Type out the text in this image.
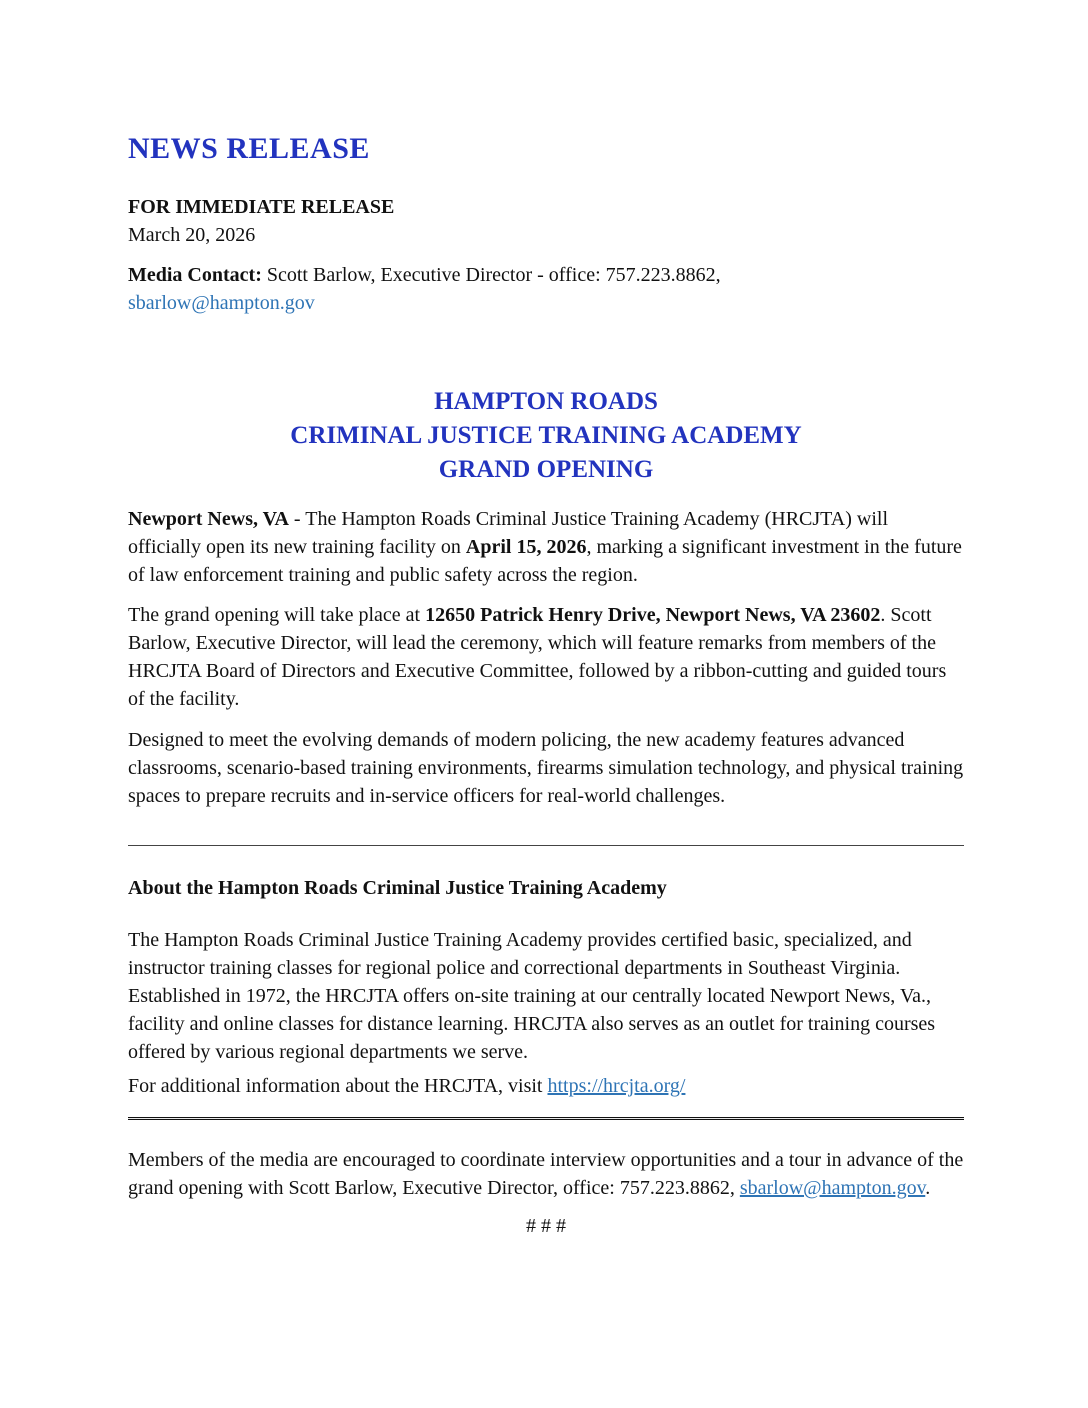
NEWS RELEASE
FOR IMMEDIATE RELEASE
March 20, 2026
Media Contact: Scott Barlow, Executive Director - office: 757.223.8862,
sbarlow@hampton.gov
HAMPTON ROADS
CRIMINAL JUSTICE TRAINING ACADEMY
GRAND OPENING

Newport News, VA - The Hampton Roads Criminal Justice Training Academy (HRCJTA) will officially open its new training facility on April 15, 2026, marking a significant investment in the future of law enforcement training and public safety across the region.

The grand opening will take place at 12650 Patrick Henry Drive, Newport News, VA 23602. Scott Barlow, Executive Director, will lead the ceremony, which will feature remarks from members of the HRCJTA Board of Directors and Executive Committee, followed by a ribbon-cutting and guided tours of the facility.

Designed to meet the evolving demands of modern policing, the new academy features advanced classrooms, scenario-based training environments, firearms simulation technology, and physical training spaces to prepare recruits and in-service officers for real-world challenges.

About the Hampton Roads Criminal Justice Training Academy

The Hampton Roads Criminal Justice Training Academy provides certified basic, specialized, and instructor training classes for regional police and correctional departments in Southeast Virginia. Established in 1972, the HRCJTA offers on-site training at our centrally located Newport News, Va., facility and online classes for distance learning. HRCJTA also serves as an outlet for training courses offered by various regional departments we serve.

For additional information about the HRCJTA, visit https://hrcjta.org/

Members of the media are encouraged to coordinate interview opportunities and a tour in advance of the grand opening with Scott Barlow, Executive Director, office: 757.223.8862, sbarlow@hampton.gov.

# # #
